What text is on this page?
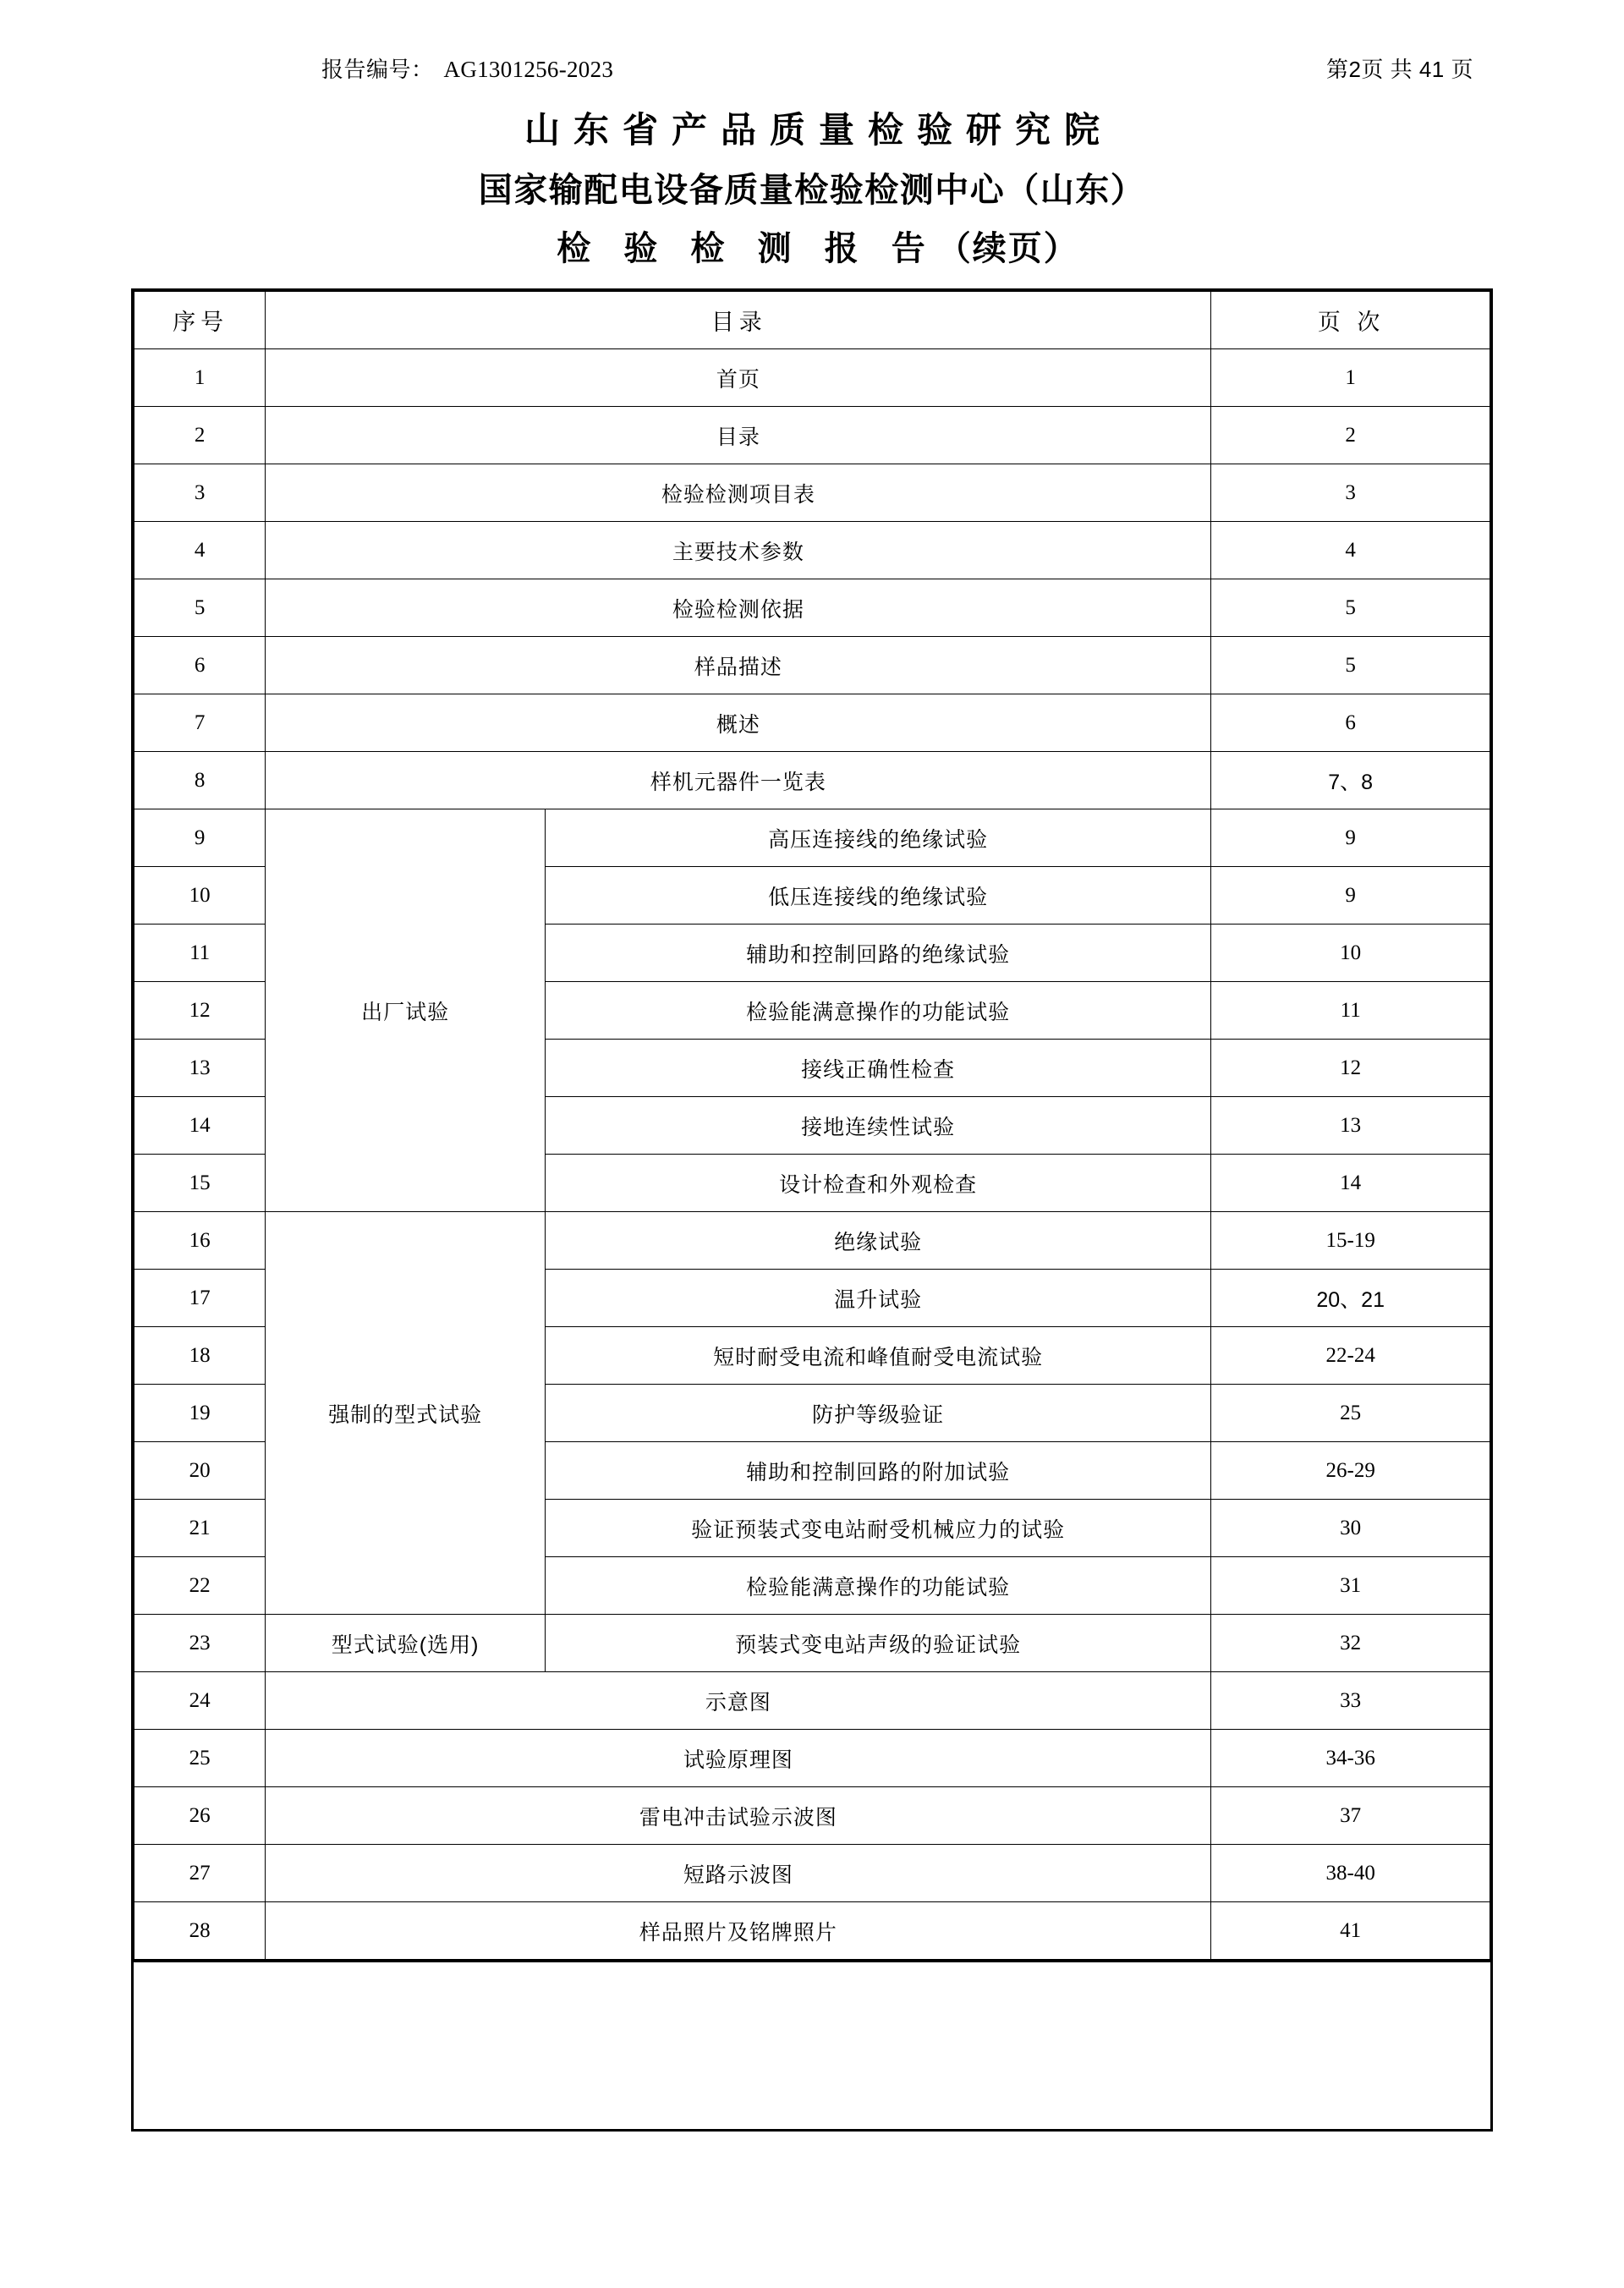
报告编号： AG1301256-2023	第2页 共 41 页
山东省产品质量检验研究院
国家输配电设备质量检验检测中心（山东）
检 验 检 测 报 告（续页）
序号	目录		页 次
1	首页		1
2	目录		2
3	检验检测项目表		3
4	主要技术参数		4
5	检验检测依据		5
6	样品描述		5
7	概述		6
8	样机元器件一览表		7、8
9	出厂试验	高压连接线的绝缘试验	9
10		低压连接线的绝缘试验	9
11		辅助和控制回路的绝缘试验	10
12		检验能满意操作的功能试验	11
13		接线正确性检查	12
14		接地连续性试验	13
15		设计检查和外观检查	14
16	强制的型式试验	绝缘试验	15-19
17		温升试验	20、21
18		短时耐受电流和峰值耐受电流试验	22-24
19		防护等级验证	25
20		辅助和控制回路的附加试验	26-29
21		验证预装式变电站耐受机械应力的试验	30
22		检验能满意操作的功能试验	31
23	型式试验(选用)	预装式变电站声级的验证试验	32
24	示意图		33
25	试验原理图		34-36
26	雷电冲击试验示波图		37
27	短路示波图		38-40
28	样品照片及铭牌照片		41
